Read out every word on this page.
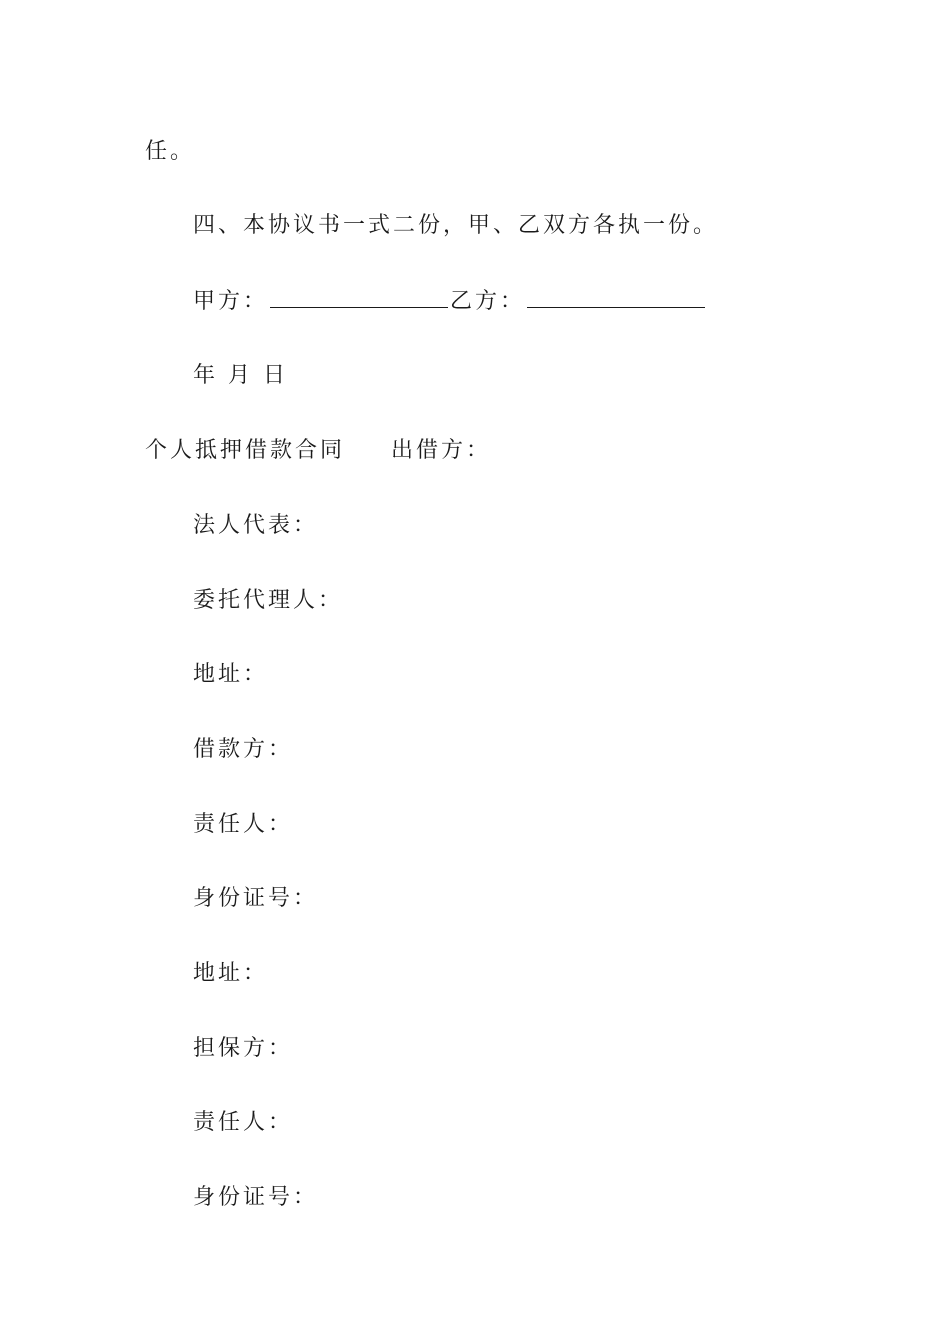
任。
四、本协议书一式二份，甲、乙双方各执一份。
甲方：	乙方：
年 月 日
个人抵押借款合同 出借方：
法人代表：
委托代理人：
地址：
借款方：
责任人：
身份证号：
地址：
担保方：
责任人：
身份证号：
